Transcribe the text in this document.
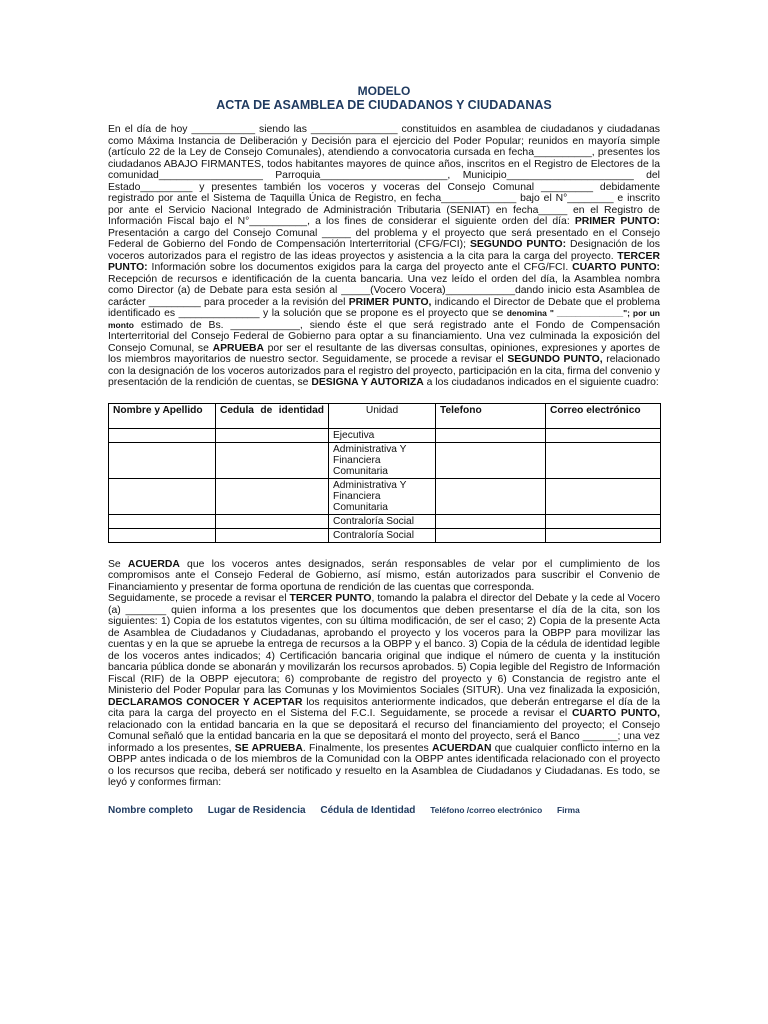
MODELO
ACTA DE ASAMBLEA DE CIUDADANOS Y CIUDADANAS

En el día de hoy ___________ siendo las _______________ constituidos en asamblea de ciudadanos y ciudadanas como Máxima Instancia de Deliberación y Decisión para el ejercicio del Poder Popular; reunidos en mayoría simple (artículo 22 de la Ley de Consejo Comunales), atendiendo a convocatoria cursada en fecha__________, presentes los ciudadanos ABAJO FIRMANTES, todos habitantes mayores de quince años, inscritos en el Registro de Electores de la comunidad__________________ Parroquia______________________, Municipio______________________ del Estado_________ y presentes también los voceros y voceras del Consejo Comunal _________ debidamente registrado por ante el Sistema de Taquilla Única de Registro, en fecha_____________ bajo el N°________ e inscrito por ante el Servicio Nacional Integrado de Administración Tributaria (SENIAT) en fecha_____ en el Registro de Información Fiscal bajo el N°__________, a los fines de considerar el siguiente orden del día: PRIMER PUNTO: Presentación a cargo del Consejo Comunal _____ del problema y el proyecto que será presentado en el Consejo Federal de Gobierno del Fondo de Compensación Interterritorial (CFG/FCI); SEGUNDO PUNTO: Designación de los voceros autorizados para el registro de las ideas proyectos y asistencia a la cita para la carga del proyecto. TERCER PUNTO: Información sobre los documentos exigidos para la carga del proyecto ante el CFG/FCI. CUARTO PUNTO: Recepción de recursos e identificación de la cuenta bancaria. Una vez leído el orden del día, la Asamblea nombra como Director (a) de Debate para esta sesión al _____(Vocero Vocera)____________dando inicio esta Asamblea de carácter _________ para proceder a la revisión del PRIMER PUNTO, indicando el Director de Debate que el problema identificado es ______________ y la solución que se propone es el proyecto que se denomina " ______________"; por un monto estimado de Bs. ____________, siendo éste el que será registrado ante el Fondo de Compensación Interterritorial del Consejo Federal de Gobierno para optar a su financiamiento. Una vez culminada la exposición del Consejo Comunal, se APRUEBA por ser el resultante de las diversas consultas, opiniones, expresiones y aportes de los miembros mayoritarios de nuestro sector. Seguidamente, se procede a revisar el SEGUNDO PUNTO, relacionado con la designación de los voceros autorizados para el registro del proyecto, participación en la cita, firma del convenio y presentación de la rendición de cuentas, se DESIGNA Y AUTORIZA a los ciudadanos indicados en el siguiente cuadro:

Nombre y Apellido	Cedula de identidad	Unidad	Telefono	Correo electrónico
		Ejecutiva		
		Administrativa Y Financiera Comunitaria		
		Administrativa Y Financiera Comunitaria		
		Contraloría Social		
		Contraloría Social		

Se ACUERDA que los voceros antes designados, serán responsables de velar por el cumplimiento de los compromisos ante el Consejo Federal de Gobierno, así mismo, están autorizados para suscribir el Convenio de Financiamiento y presentar de forma oportuna de rendición de las cuentas que corresponda.

Seguidamente, se procede a revisar el TERCER PUNTO, tomando la palabra el director del Debate y la cede al Vocero (a) _______ quien informa a los presentes que los documentos que deben presentarse el día de la cita, son los siguientes: 1) Copia de los estatutos vigentes, con su última modificación, de ser el caso; 2) Copia de la presente Acta de Asamblea de Ciudadanos y Ciudadanas, aprobando el proyecto y los voceros para la OBPP para movilizar las cuentas y en la que se apruebe la entrega de recursos a la OBPP y el banco. 3) Copia de la cédula de identidad legible de los voceros antes indicados; 4) Certificación bancaria original que indique el número de cuenta y la institución bancaria pública donde se abonarán y movilizarán los recursos aprobados. 5) Copia legible del Registro de Información Fiscal (RIF) de la OBPP ejecutora; 6) comprobante de registro del proyecto y 6) Constancia de registro ante el Ministerio del Poder Popular para las Comunas y los Movimientos Sociales (SITUR). Una vez finalizada la exposición, DECLARAMOS CONOCER Y ACEPTAR los requisitos anteriormente indicados, que deberán entregarse el día de la cita para la carga del proyecto en el Sistema del F.C.I. Seguidamente, se procede a revisar el CUARTO PUNTO, relacionado con la entidad bancaria en la que se depositará el recurso del financiamiento del proyecto; el Consejo Comunal señaló que la entidad bancaria en la que se depositará el monto del proyecto, será el Banco ______; una vez informado a los presentes, SE APRUEBA. Finalmente, los presentes ACUERDAN que cualquier conflicto interno en la OBPP antes indicada o de los miembros de la Comunidad con la OBPP antes identificada relacionado con el proyecto o los recursos que reciba, deberá ser notificado y resuelto en la Asamblea de Ciudadanos y Ciudadanas. Es todo, se leyó y conformes firman:

Nombre completo Lugar de Residencia Cédula de Identidad Teléfono /correo electrónico Firma
